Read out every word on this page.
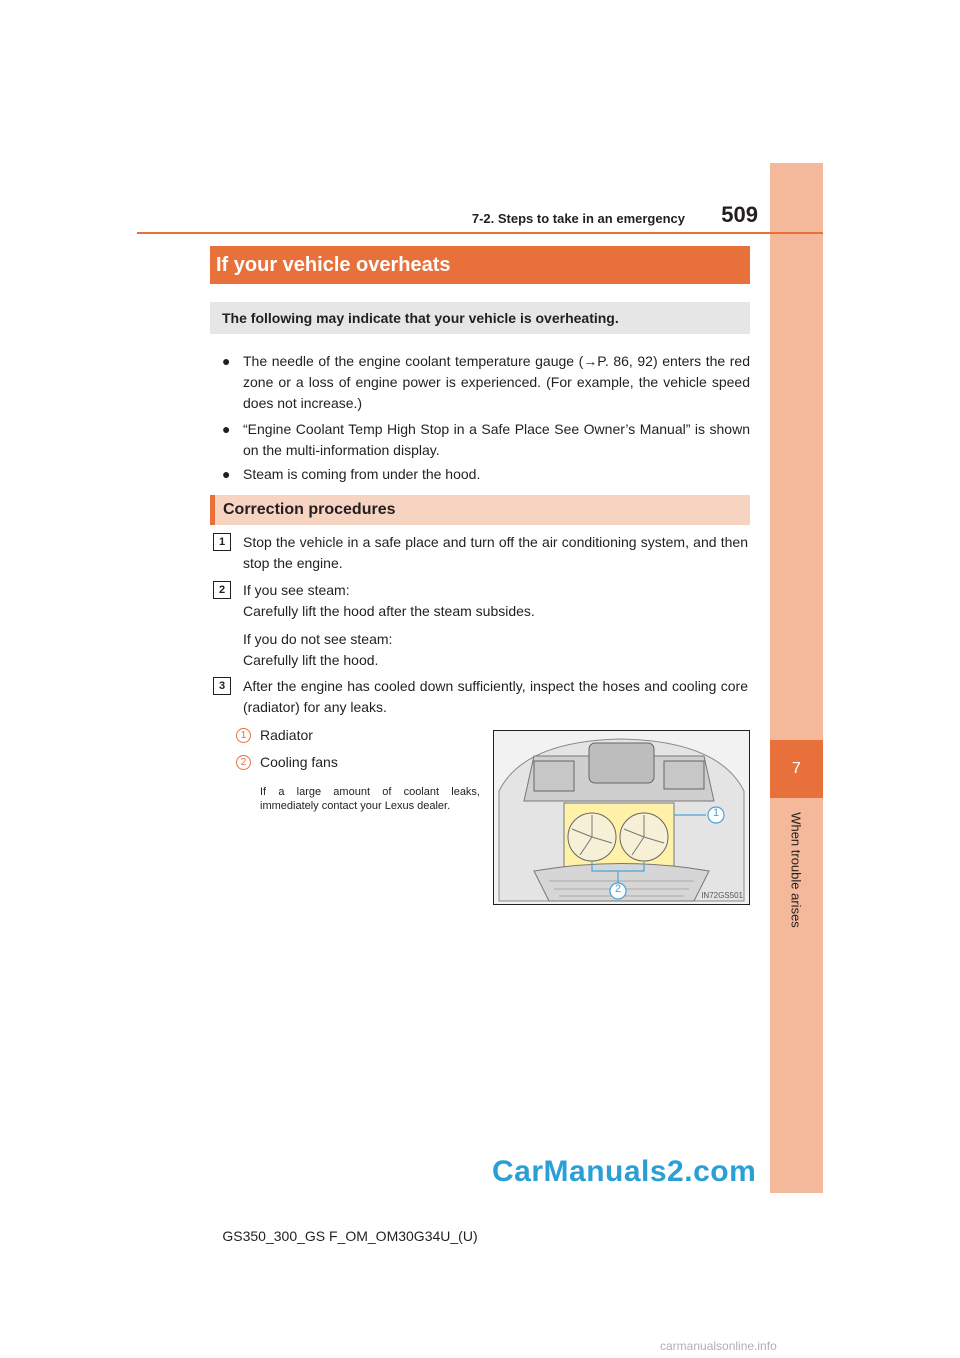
7
When trouble arises
7-2. Steps to take in an emergency 509
If your vehicle overheats
The following may indicate that your vehicle is overheating.
● The needle of the engine coolant temperature gauge (→P. 86, 92) enters the red zone or a loss of engine power is experienced. (For example, the vehicle speed does not increase.)
● “Engine Coolant Temp High Stop in a Safe Place See Owner’s Manual” is shown on the multi-information display.
● Steam is coming from under the hood.
Correction procedures
1	Stop the vehicle in a safe place and turn off the air conditioning system, and then stop the engine.
2	If you see steam:
Carefully lift the hood after the steam subsides.
If you do not see steam:
Carefully lift the hood.
3	After the engine has cooled down sufficiently, inspect the hoses and cooling core (radiator) for any leaks.
1 Radiator
2 Cooling fans
If a large amount of coolant leaks, immediately contact your Lexus dealer.
1
2
IN72GS501
CarManuals2.com
GS350_300_GS F_OM_OM30G34U_(U)
carmanualsonline.info
